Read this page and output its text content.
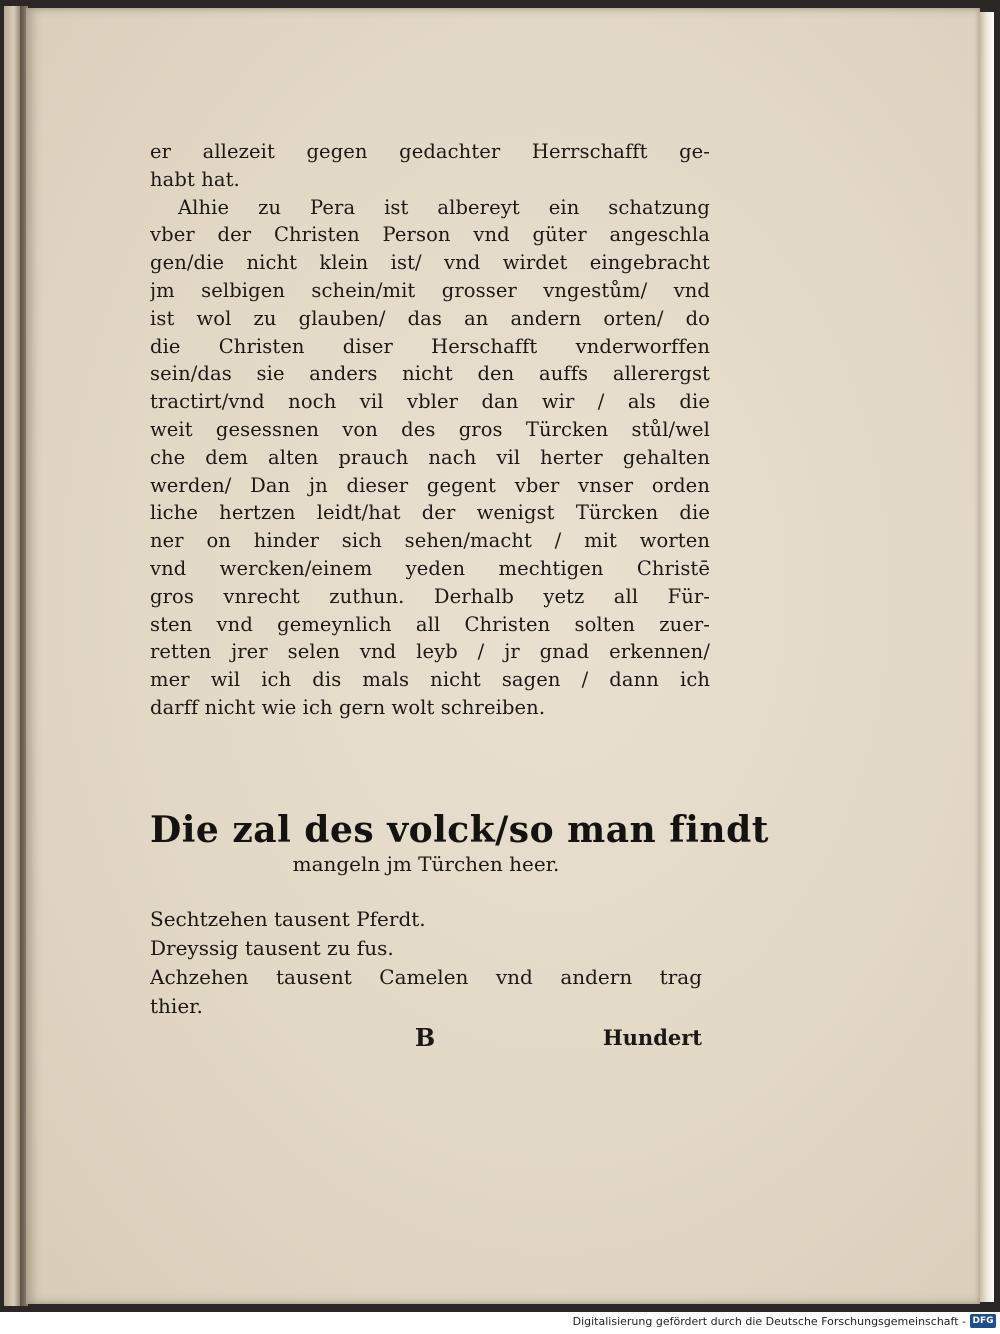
er allezeit gegen gedachter Herrschafft ge-
habt hat.
Alhie zu Pera ist albereyt ein schatzung
vber der Christen Person vnd güter angeschla
gen/die nicht klein ist/ vnd wirdet eingebracht
jm selbigen schein/mit grosser vngestům/ vnd
ist wol zu glauben/ das an andern orten/ do
die Christen diser Herschafft vnderworffen
sein/das sie anders nicht den auffs allerergst
tractirt/vnd noch vil vbler dan wir / als die
weit gesessnen von des gros Türcken stůl/wel
che dem alten prauch nach vil herter gehalten
werden/ Dan jn dieser gegent vber vnser orden
liche hertzen leidt/hat der wenigst Türcken die
ner on hinder sich sehen/macht / mit worten
vnd wercken/einem yeden mechtigen Christē
gros vnrecht zuthun. Derhalb yetz all Für-
sten vnd gemeynlich all Christen solten zuer-
retten jrer selen vnd leyb / jr gnad erkennen/
mer wil ich dis mals nicht sagen / dann ich
darff nicht wie ich gern wolt schreiben.
Die zal des volck/so man findt
mangeln jm Türchen heer.
Sechtzehen tausent Pferdt.
Dreyssig tausent zu fus.
Achzehen tausent Camelen vnd andern trag
thier.
B	Hundert
Digitalisierung gefördert durch die Deutsche Forschungsgemeinschaft - DFG
